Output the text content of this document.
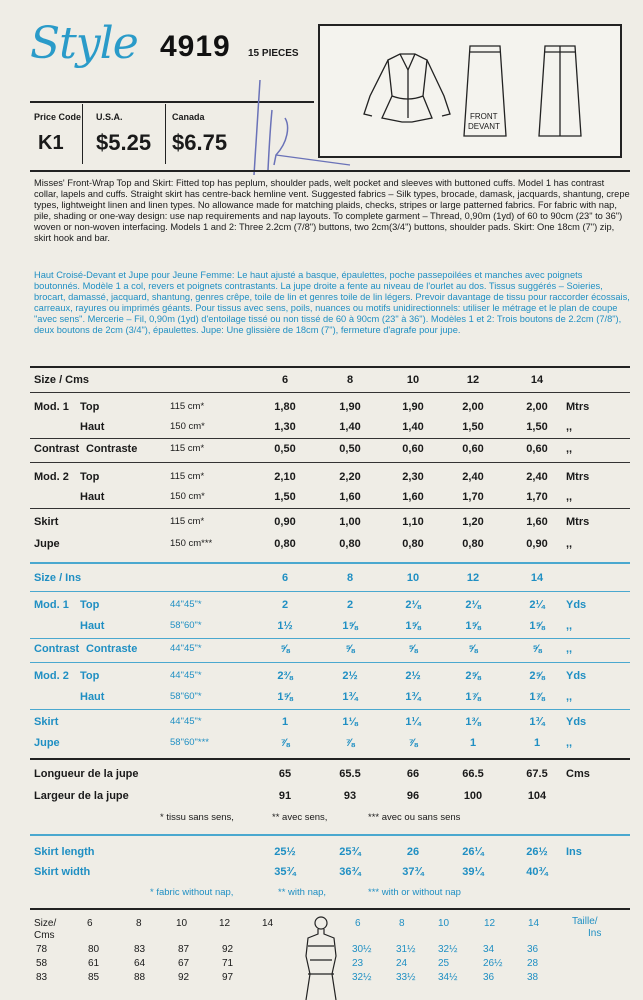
Style 4919 15 PIECES
Price Code
K1
U.S.A.
$5.25
Canada
$6.75
FRONT
DEVANT
Misses' Front-Wrap Top and Skirt: Fitted top has peplum, shoulder pads, welt pocket and sleeves with buttoned cuffs. Model 1 has contrast collar, lapels and cuffs. Straight skirt has centre-back hemline vent. Suggested fabrics – Silk types, brocade, damask, jacquards, shantung, crepe types, lightweight linen and linen types. No allowance made for matching plaids, checks, stripes or large patterned fabrics. For fabric with nap, pile, shading or one-way design: use nap requirements and nap layouts. To complete garment – Thread, 0,90m (1yd) of 60 to 90cm (23" to 36") woven or non-woven interfacing. Models 1 and 2: Three 2.2cm (7/8") buttons, two 2cm(3/4") buttons, shoulder pads. Skirt: One 18cm (7") zip, skirt hook and bar.
Haut Croisé-Devant et Jupe pour Jeune Femme: Le haut ajusté a basque, épaulettes, poche passepoilées et manches avec poignets boutonnés. Modèle 1 a col, revers et poignets contrastants. La jupe droite a fente au niveau de l'ourlet au dos. Tissus suggérés – Soieries, brocart, damassé, jacquard, shantung, genres crêpe, toile de lin et genres toile de lin légers. Prevoir davantage de tissu pour raccorder écossais, carreaux, rayures ou imprimés géants. Pour tissus avec sens, poils, nuances ou motifs unidirectionnels: utiliser le métrage et le plan de coupe "avec sens". Mercerie – Fil, 0,90m (1yd) d'entoilage tissé ou non tissé de 60 à 90cm (23" à 36"). Modèles 1 et 2: Trois boutons de 2.2cm (7/8"), deux boutons de 2cm (3/4"), épaulettes. Jupe: Une glissière de 18cm (7"), fermeture d'agrafe pour jupe.
Size / Cms	6	8	10	12	14
Mod. 1 Top	115 cm*	1,80	1,90	1,90	2,00	2,00	Mtrs
Haut	150 cm*	1,30	1,40	1,40	1,50	1,50	,,
Contrast Contraste	115 cm*	0,50	0,50	0,60	0,60	0,60	,,
Mod. 2 Top	115 cm*	2,10	2,20	2,30	2,40	2,40	Mtrs
Haut	150 cm*	1,50	1,60	1,60	1,70	1,70	,,
Skirt	115 cm*	0,90	1,00	1,10	1,20	1,60	Mtrs
Jupe	150 cm***	0,80	0,80	0,80	0,80	0,90	,,
Size / Ins	6	8	10	12	14
Mod. 1 Top	44"45"*	2	2	2⅛	2⅛	2¼	Yds
Haut	58"60"*	1½	1⅝	1⅝	1⅝	1⅝	,,
Contrast Contraste	44"45"*	⅝	⅝	⅝	⅝	⅝	,,
Mod. 2 Top	44"45"*	2⅜	2½	2½	2⅝	2⅝	Yds
Haut	58"60"*	1⅝	1¾	1¾	1⅞	1⅞	,,
Skirt	44"45"*	1	1⅛	1¼	1⅜	1¾	Yds
Jupe	58"60"***	⅞	⅞	⅞	1	1	,,
Longueur de la jupe	65	65.5	66	66.5	67.5	Cms
Largeur de la jupe	91	93	96	100	104
* tissu sans sens,	** avec sens,	*** avec ou sans sens
Skirt length	25½	25¾	26	26¼	26½	Ins
Skirt width	35¾	36¾	37¾	39¼	40¾
* fabric without nap,	** with nap,	*** with or without nap
Size/
Cms
6	8	10	12	14
78	80	83	87	92
58	61	64	67	71
83	85	88	92	97
6	8	10	12	14	Taille/
Ins
30½ 31½ 32½	34	36
23	24	25	26½ 28
32½ 33½ 34½	36	38
